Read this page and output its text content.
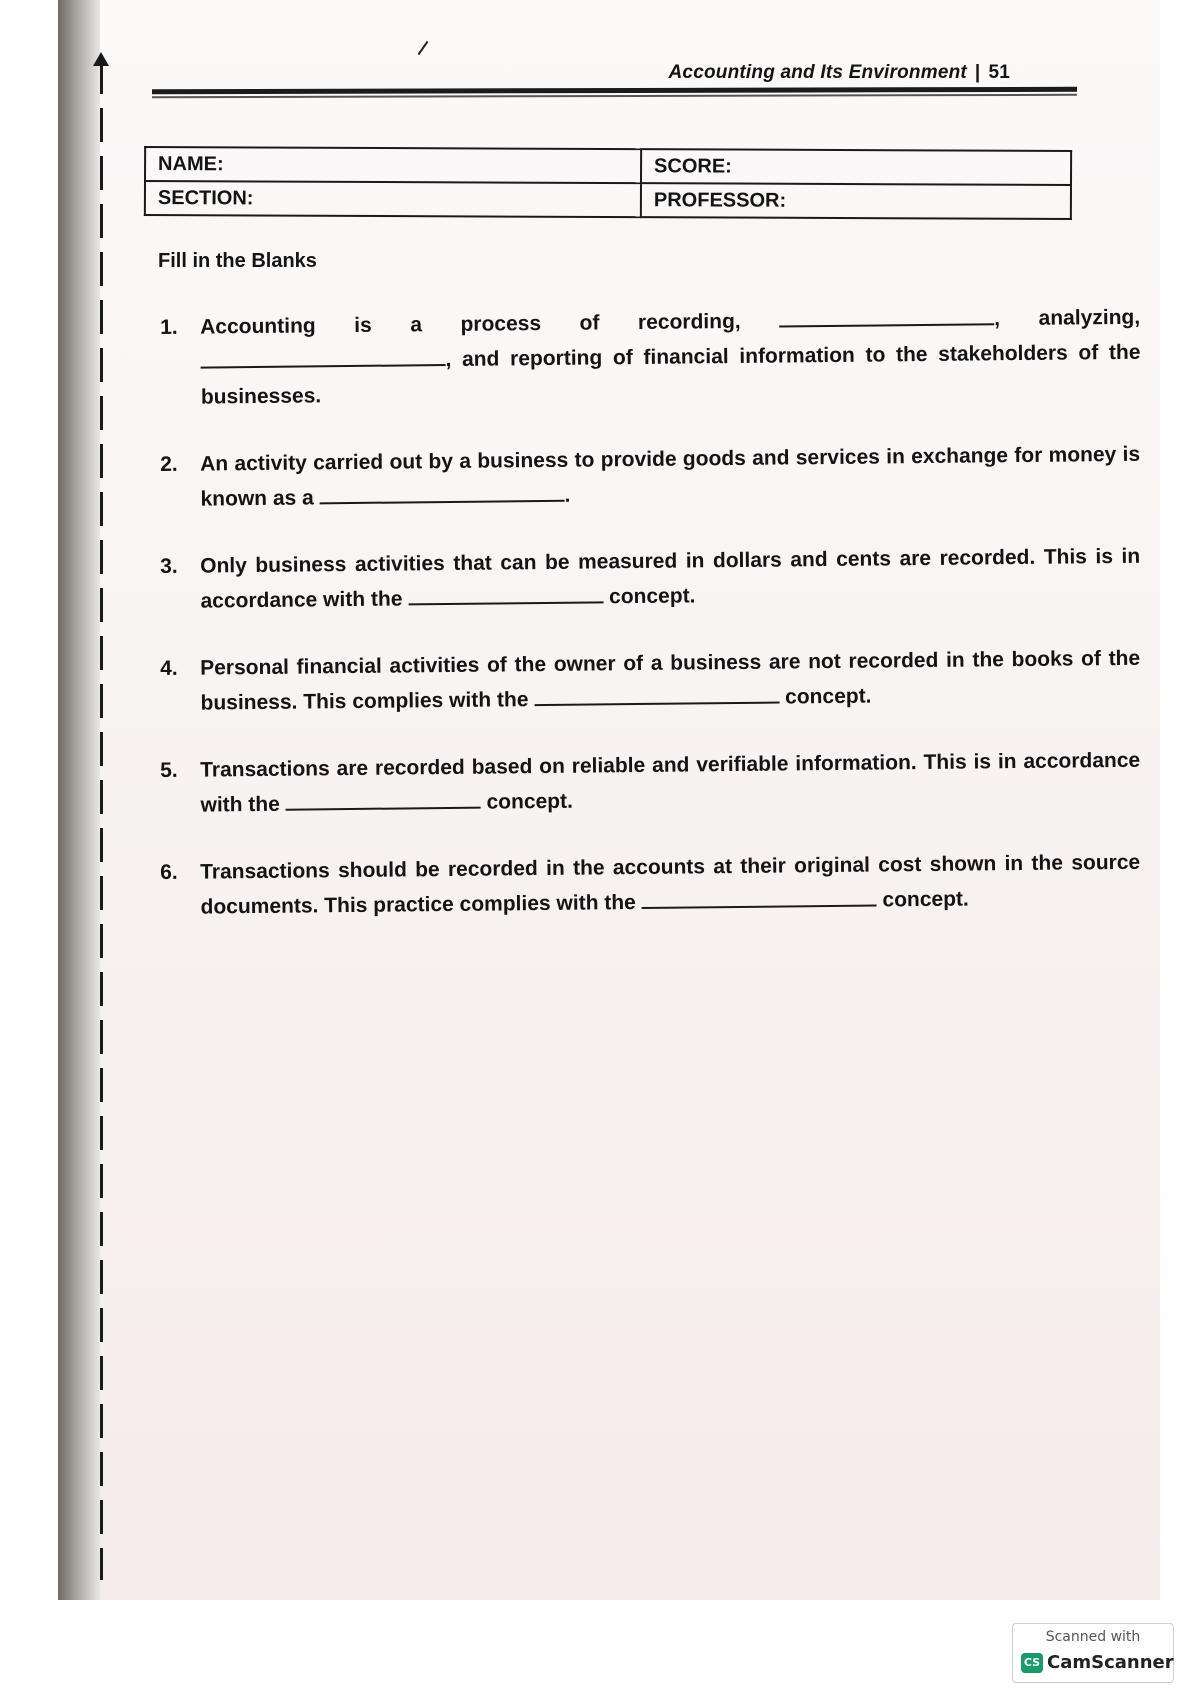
Accounting and Its Environment | 51
NAME:	SCORE:
SECTION:	PROFESSOR:
Fill in the Blanks
1.	Accounting is a process of recording,	, analyzing, , and reporting of financial information to the stakeholders of the businesses.
2.	An activity carried out by a business to provide goods and services in exchange for money is known as a	.
3.	Only business activities that can be measured in dollars and cents are recorded. This is in accordance with the	concept.
4.	Personal financial activities of the owner of a business are not recorded in the books of the business. This complies with the	concept.
5.	Transactions are recorded based on reliable and verifiable information. This is in accordance with the	concept.
6.	Transactions should be recorded in the accounts at their original cost shown in the source documents. This practice complies with the	concept.
Scanned with
CS CamScanner
